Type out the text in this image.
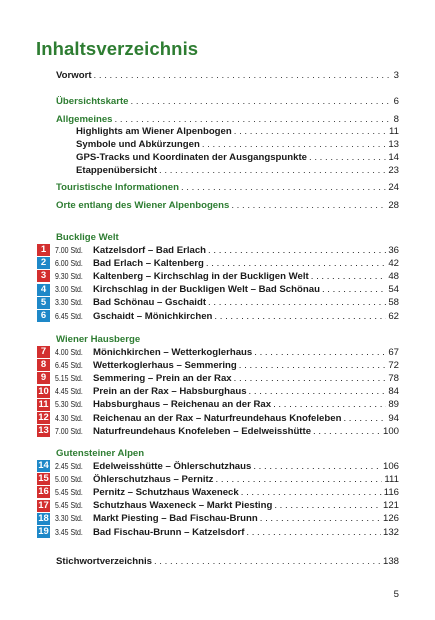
Inhaltsverzeichnis
Vorwort . . .	3
Übersichtskarte . . .	6
Allgemeines . . .	8
Highlights am Wiener Alpenbogen . . .	11
Symbole und Abkürzungen . . .	13
GPS-Tracks und Koordinaten der Ausgangspunkte . . .	14
Etappenübersicht . . .	23
Touristische Informationen . . .	24
Orte entlang des Wiener Alpenbogens . . .	28
Bucklige Welt
1	7.00 Std.	Katzelsdorf – Bad Erlach . . .	36
2	6.00 Std.	Bad Erlach – Kaltenberg . . .	42
3	9.30 Std.	Kaltenberg – Kirchschlag in der Buckligen Welt . . .	48
4	3.00 Std.	Kirchschlag in der Buckligen Welt – Bad Schönau . . .	54
5	3.30 Std.	Bad Schönau – Gschaidt . . .	58
6	6.45 Std.	Gschaidt – Mönichkirchen . . .	62
Wiener Hausberge
7	4.00 Std.	Mönichkirchen – Wetterkoglerhaus . . .	67
8	6.45 Std.	Wetterkoglerhaus – Semmering . . .	72
9	5.15 Std.	Semmering – Prein an der Rax . . .	78
10 4.45 Std.	Prein an der Rax – Habsburghaus . . .	84
11 5.30 Std.	Habsburghaus – Reichenau an der Rax . . .	89
12 4.30 Std.	Reichenau an der Rax – Naturfreundehaus Knofeleben . . .	94
13 7.00 Std.	Naturfreundehaus Knofeleben – Edelweisshütte . . .	100
Gutensteiner Alpen
14 2.45 Std.	Edelweisshütte – Öhlerschutzhaus . . .	106
15 5.00 Std.	Öhlerschutzhaus – Pernitz . . .	111
16 5.45 Std.	Pernitz – Schutzhaus Waxeneck . . .	116
17 5.45 Std.	Schutzhaus Waxeneck – Markt Piesting . . .	121
18 3.30 Std.	Markt Piesting – Bad Fischau-Brunn . . .	126
19 3.45 Std.	Bad Fischau-Brunn – Katzelsdorf . . .	132
Stichwortverzeichnis . . .	138
5
